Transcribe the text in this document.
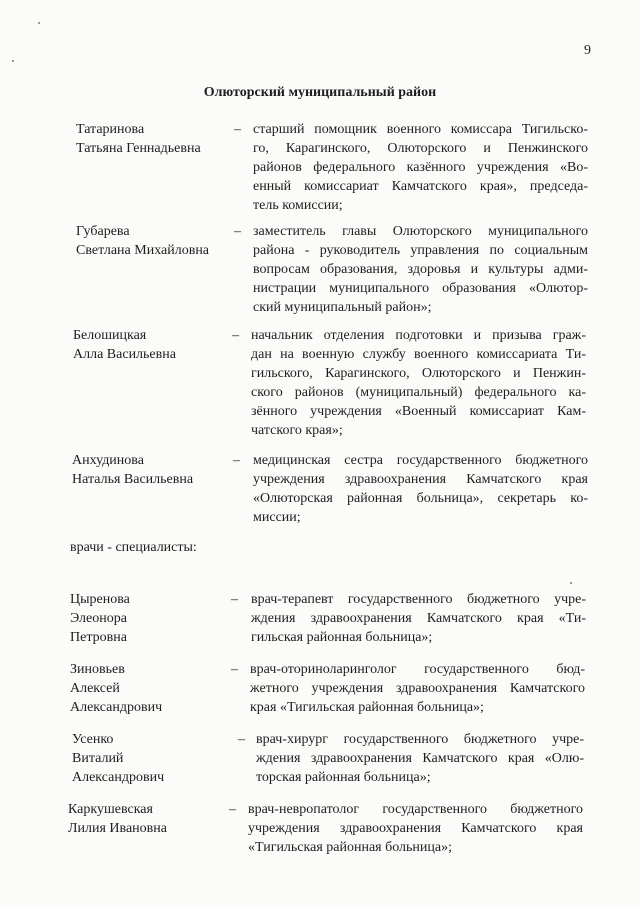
9
Олюторский муниципальный район
Татаринова
Татьяна Геннадьевна
– старший помощник военного комиссара Тигильско-
го, Карагинского, Олюторского и Пенжинского
районов федерального казённого учреждения «Во-
енный комиссариат Камчатского края», председа-
тель комиссии;
Губарева
Светлана Михайловна
– заместитель главы Олюторского муниципального
района - руководитель управления по социальным
вопросам образования, здоровья и культуры адми-
нистрации муниципального образования «Олютор-
ский муниципальный район»;
Белошицкая
Алла Васильевна
– начальник отделения подготовки и призыва граж-
дан на военную службу военного комиссариата Ти-
гильского, Карагинского, Олюторского и Пенжин-
ского районов (муниципальный) федерального ка-
зённого учреждения «Военный комиссариат Кам-
чатского края»;
Анхудинова
Наталья Васильевна
– медицинская сестра государственного бюджетного
учреждения здравоохранения Камчатского края
«Олюторская районная больница», секретарь ко-
миссии;
врачи - специалисты:
Цыренова
Элеонора
Петровна
– врач-терапевт государственного бюджетного учре-
ждения здравоохранения Камчатского края «Ти-
гильская районная больница»;
Зиновьев
Алексей
Александрович
– врач-оториноларинголог государственного бюд-
жетного учреждения здравоохранения Камчатского
края «Тигильская районная больница»;
Усенко
Виталий
Александрович
– врач-хирург государственного бюджетного учре-
ждения здравоохранения Камчатского края «Олю-
торская районная больница»;
Каркушевская
Лилия Ивановна
– врач-невропатолог государственного бюджетного
учреждения здравоохранения Камчатского края
«Тигильская районная больница»;
